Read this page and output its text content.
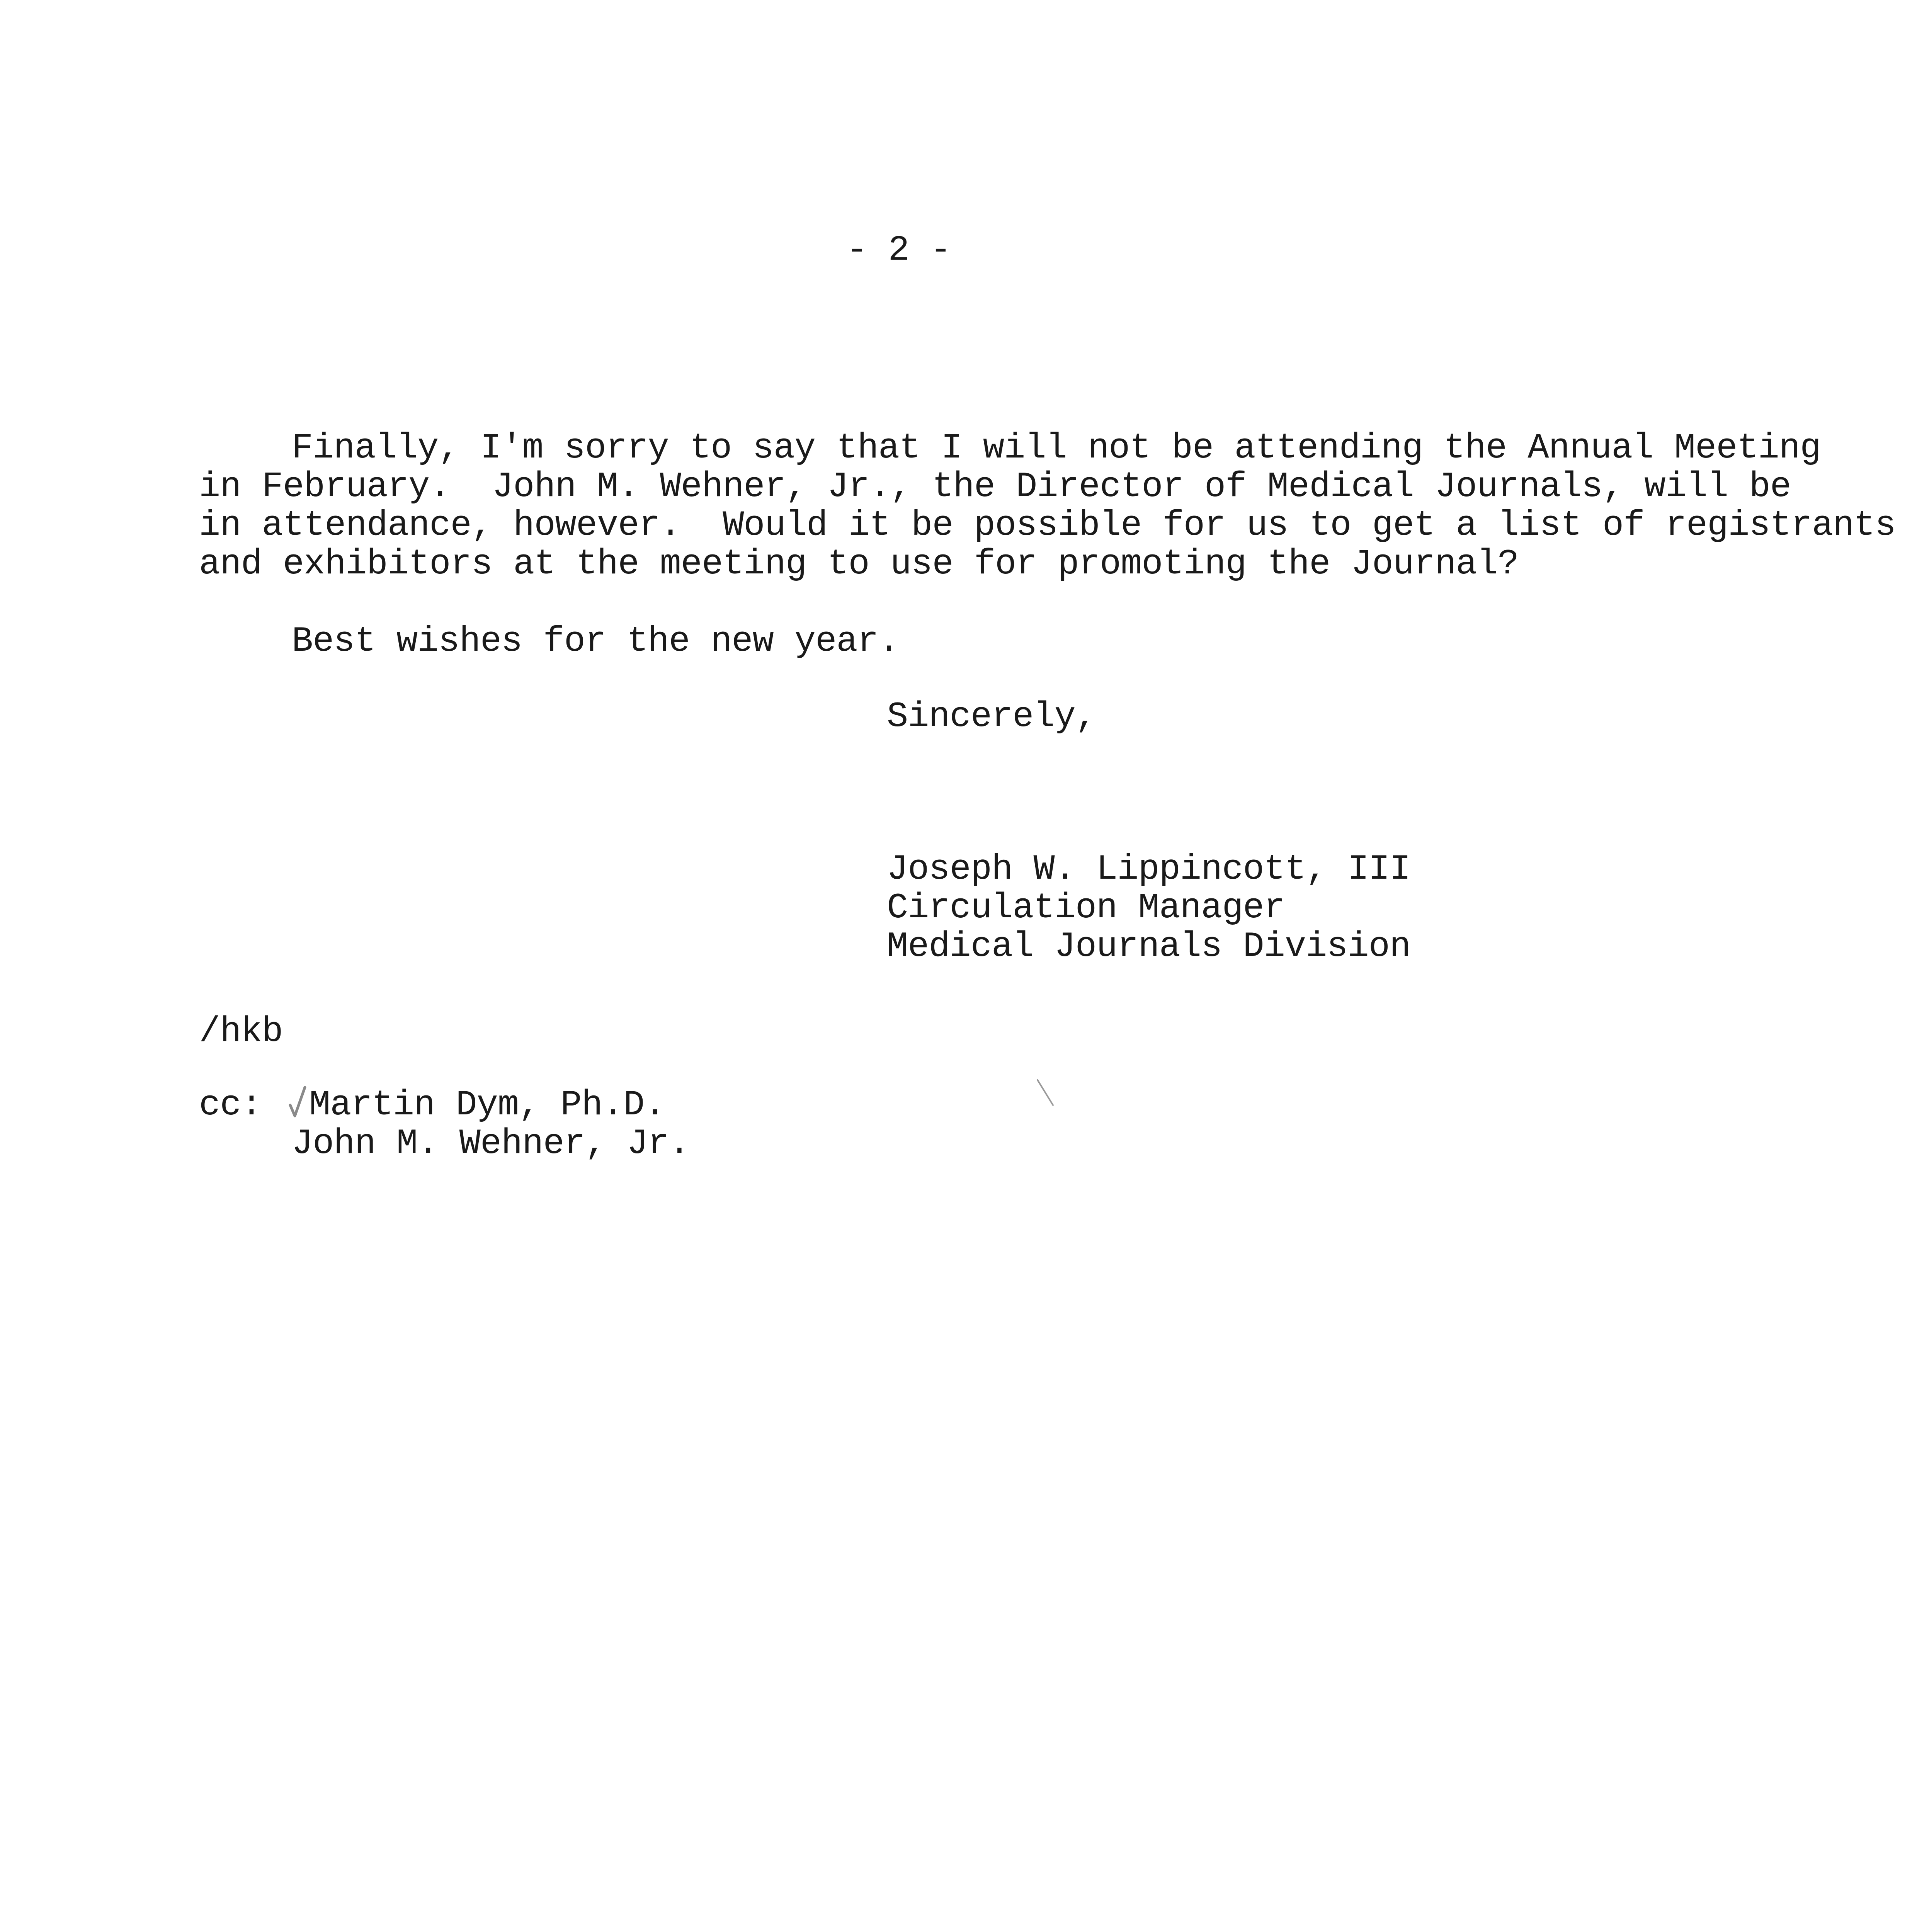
- 2 -
Finally, I'm sorry to say that I will not be attending the Annual Meeting
in February.  John M. Wehner, Jr., the Director of Medical Journals, will be
in attendance, however.  Would it be possible for us to get a list of registrants
and exhibitors at the meeting to use for promoting the Journal?
Best wishes for the new year.
Sincerely,
Joseph W. Lippincott, III
Circulation Manager
Medical Journals Division
/hkb
cc: Martin Dym, Ph.D.
John M. Wehner, Jr.
